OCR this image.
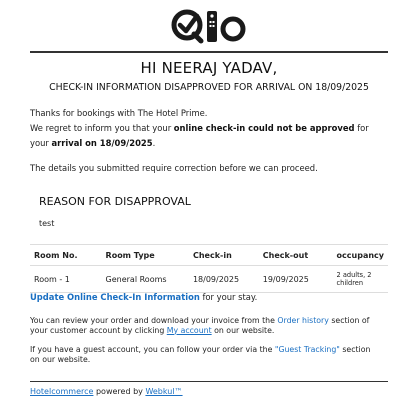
HI NEERAJ YADAV,
CHECK-IN INFORMATION DISAPPROVED FOR ARRIVAL ON 18/09/2025
Thanks for bookings with The Hotel Prime.
We regret to inform you that your online check-in could not be approved for your arrival on 18/09/2025.
The details you submitted require correction before we can proceed.
REASON FOR DISAPPROVAL
test
Room No.	Room Type	Check-in	Check-out	occupancy
Room - 1	General Rooms	18/09/2025	19/09/2025	2 adults, 2 children
Update Online Check-In Information for your stay.
You can review your order and download your invoice from the Order history section of your customer account by clicking My account on our website.
If you have a guest account, you can follow your order via the "Guest Tracking" section on our website.
Hotelcommerce powered by Webkul™
